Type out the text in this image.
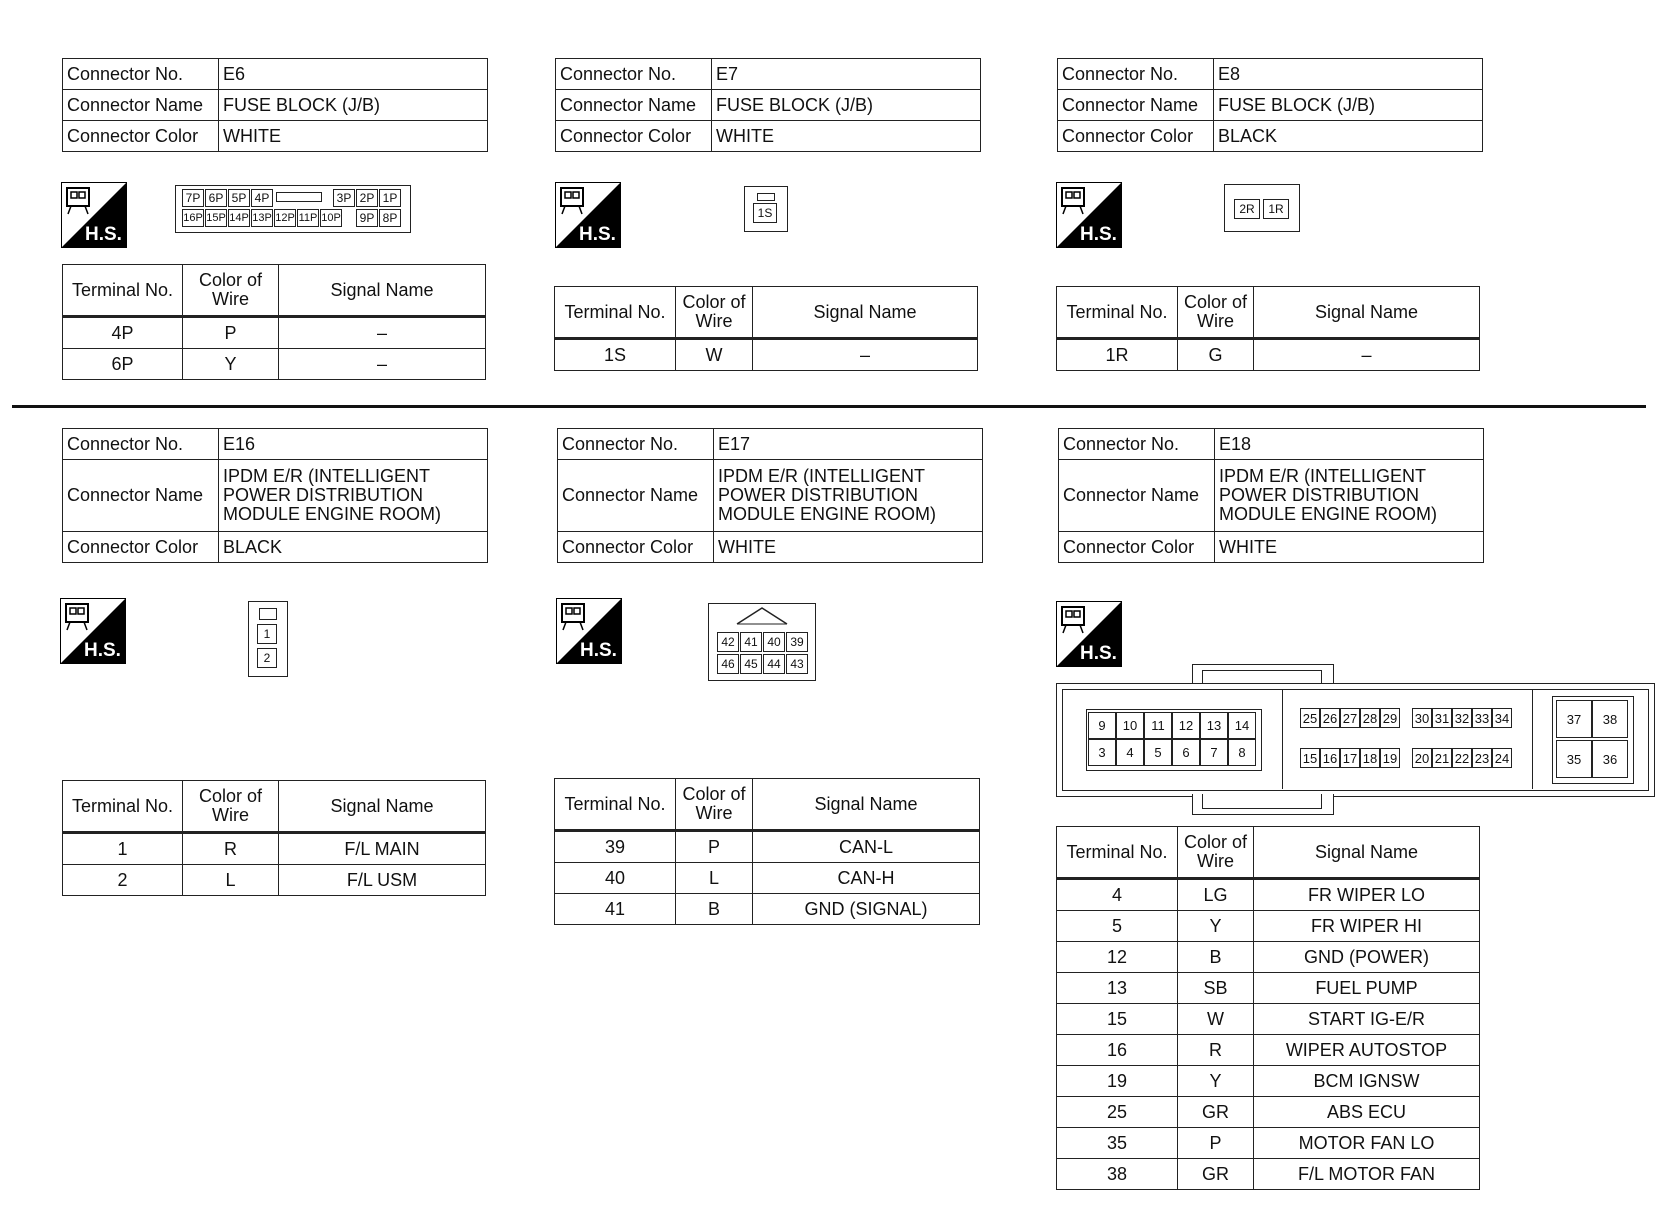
Connector No.	E6
Connector Name	FUSE BLOCK (J/B)
Connector Color	WHITE
H.S.
7P 6P 5P 4P	3P 2P 1P
16P 15P 14P 13P 12P 11P 10P	9P 8P
Terminal No.	Color of Wire	Signal Name
4P	P	–
6P	Y	–
Connector No.	E7
Connector Name	FUSE BLOCK (J/B)
Connector Color	WHITE
H.S.
1S
Terminal No.	Color of Wire	Signal Name
1S	W	–
Connector No.	E8
Connector Name	FUSE BLOCK (J/B)
Connector Color	BLACK
H.S.
2R	1R
Terminal No.	Color of Wire	Signal Name
1R	G	–
Connector No.	E16
Connector Name	IPDM E/R (INTELLIGENT
POWER DISTRIBUTION
MODULE ENGINE ROOM)

Connector Color	BLACK
H.S.
1
2
Terminal No.	Color of Wire	Signal Name
1	R	F/L MAIN
2	L	F/L USM
Connector No.	E17
Connector Name	IPDM E/R (INTELLIGENT
POWER DISTRIBUTION
MODULE ENGINE ROOM)

Connector Color	WHITE
H.S.	42 41 40 39
46 45 44 43
Terminal No.	Color of Wire	Signal Name
39	P	CAN-L
40	L	CAN-H
41	B	GND (SIGNAL)
Connector No.	E18
Connector Name	IPDM E/R (INTELLIGENT
POWER DISTRIBUTION
MODULE ENGINE ROOM)

Connector Color	WHITE
H.S.
9	10	11	12	13	14
3	4	5	6	7	8
25 26 27 28 29 30 31 32 33 34
15 16 17 18 19 20 21 22 23 24
37	38
35	36
Terminal No.	Color of Wire	Signal Name
4	LG	FR WIPER LO
5	Y	FR WIPER HI
12	B	GND (POWER)
13	SB	FUEL PUMP
15	W	START IG-E/R
16	R	WIPER AUTOSTOP
19	Y	BCM IGNSW
25	GR	ABS ECU
35	P	MOTOR FAN LO
38	GR	F/L MOTOR FAN
